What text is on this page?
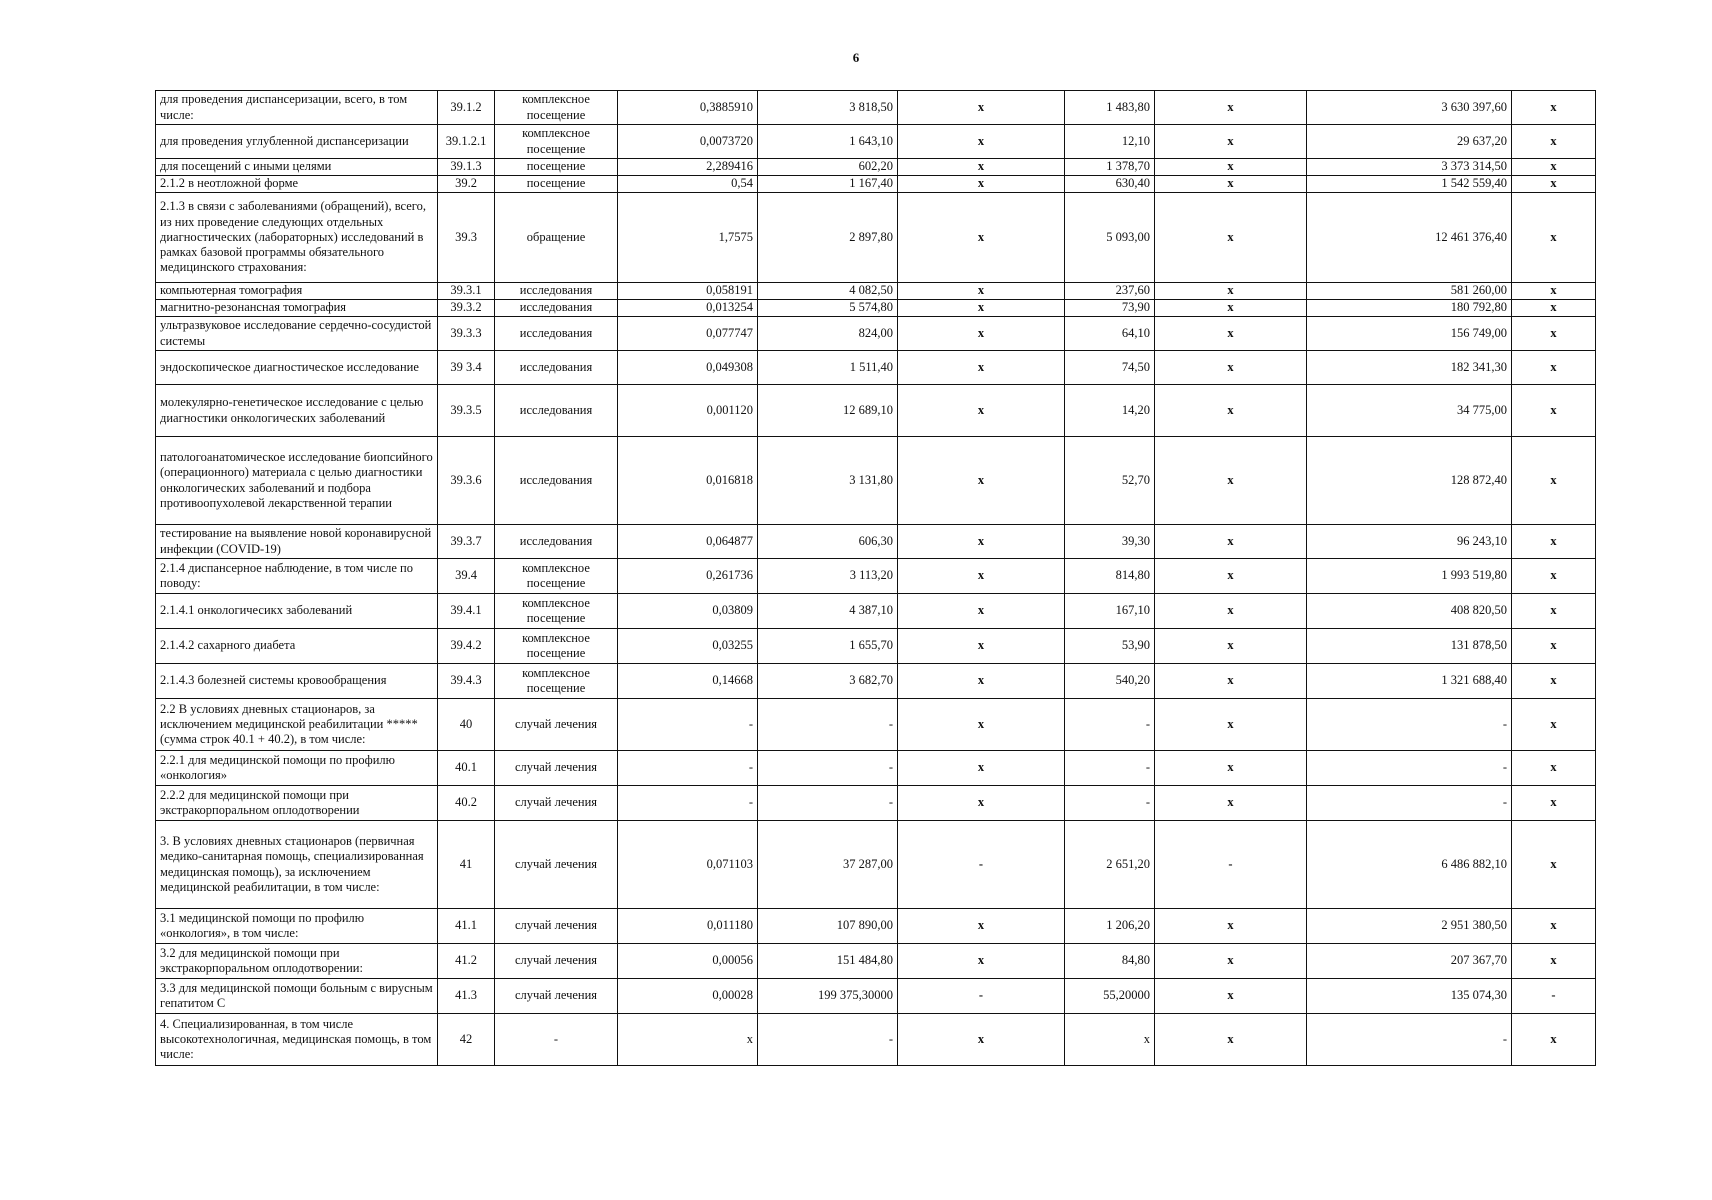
6
для проведения диспансеризации, всего, в том числе:	39.1.2	комплексное посещение	0,3885910	3 818,50	х	1 483,80	х	3 630 397,60	х
для проведения углубленной диспансеризации	39.1.2.1	комплексное посещение	0,0073720	1 643,10	х	12,10	х	29 637,20	х
для посещений с иными целями	39.1.3	посещение	2,289416	602,20	х	1 378,70	х	3 373 314,50	х
2.1.2 в неотложной форме	39.2	посещение	0,54	1 167,40	х	630,40	х	1 542 559,40	х
2.1.3 в связи с заболеваниями (обращений), всего, из них проведение следующих отдельных диагностических (лабораторных) исследований в рамках базовой программы обязательного медицинского страхования:	39.3	обращение	1,7575	2 897,80	х	5 093,00	х	12 461 376,40	х
компьютерная томография	39.3.1	исследования	0,058191	4 082,50	х	237,60	х	581 260,00	х
магнитно-резонансная томография	39.3.2	исследования	0,013254	5 574,80	х	73,90	х	180 792,80	х
ультразвуковое исследование сердечно-сосудистой системы	39.3.3	исследования	0,077747	824,00	х	64,10	х	156 749,00	х
эндоскопическое диагностическое исследование	39 3.4	исследования	0,049308	1 511,40	х	74,50	х	182 341,30	х
молекулярно-генетическое исследование с целью диагностики онкологических заболеваний	39.3.5	исследования	0,001120	12 689,10	х	14,20	х	34 775,00	х
патологоанатомическое исследование биопсийного (операционного) материала с целью диагностики онкологических заболеваний и подбора противоопухолевой лекарственной терапии	39.3.6	исследования	0,016818	3 131,80	х	52,70	х	128 872,40	х
тестирование на выявление новой коронавирусной инфекции (COVID-19)	39.3.7	исследования	0,064877	606,30	х	39,30	х	96 243,10	х
2.1.4 диспансерное наблюдение, в том числе по поводу:	39.4	комплексное посещение	0,261736	3 113,20	х	814,80	х	1 993 519,80	х
2.1.4.1 онкологичесикх заболеваний	39.4.1	комплексное посещение	0,03809	4 387,10	х	167,10	х	408 820,50	х
2.1.4.2 сахарного диабета	39.4.2	комплексное посещение	0,03255	1 655,70	х	53,90	х	131 878,50	х
2.1.4.3 болезней системы кровообращения	39.4.3	комплексное посещение	0,14668	3 682,70	х	540,20	х	1 321 688,40	х
2.2 В условиях дневных стационаров, за исключением медицинской реабилитации ***** (сумма строк 40.1 + 40.2), в том числе:	40	случай лечения	-	-	х	-	х	-	х
2.2.1 для медицинской помощи по профилю «онкология»	40.1	случай лечения	-	-	х	-	х	-	х
2.2.2 для медицинской помощи при экстракорпоральном оплодотворении	40.2	случай лечения	-	-	х	-	х	-	х
3. В условиях дневных стационаров (первичная медико-санитарная помощь, специализированная медицинская помощь), за исключением медицинской реабилитации, в том числе:	41	случай лечения	0,071103	37 287,00	-	2 651,20	-	6 486 882,10	х
3.1 медицинской помощи по профилю «онкология», в том числе:	41.1	случай лечения	0,011180	107 890,00	х	1 206,20	х	2 951 380,50	х
3.2 для медицинской помощи при экстракорпоральном оплодотворении:	41.2	случай лечения	0,00056	151 484,80	х	84,80	х	207 367,70	х
3.3 для медицинской помощи больным с вирусным гепатитом С	41.3	случай лечения	0,00028	199 375,30000	-	55,20000	х	135 074,30	-
4. Специализированная, в том числе высокотехнологичная, медицинская помощь, в том числе:	42	-	х	-	х	х	х	-	х
